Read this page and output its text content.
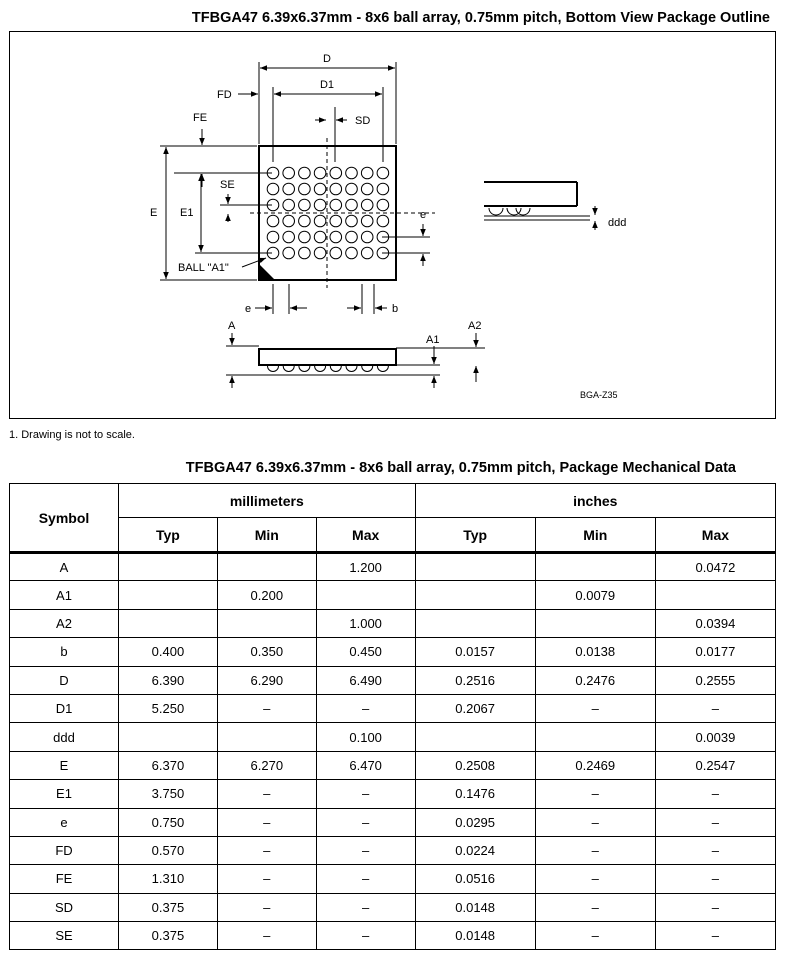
TFBGA47 6.39x6.37mm - 8x6 ball array, 0.75mm pitch, Bottom View Package Outline
D
D1
FD
SD
FE
SE
E E1	e
BALL "A1"
e	b
ddd
A
A1
A2
BGA-Z35
1. Drawing is not to scale.
TFBGA47 6.39x6.37mm - 8x6 ball array, 0.75mm pitch, Package Mechanical Data
Symbol	millimeters			inches		
	Typ	Min	Max	Typ	Min	Max
A			1.200			0.0472
A1		0.200			0.0079	
A2			1.000			0.0394
b	0.400	0.350	0.450	0.0157	0.0138	0.0177
D	6.390	6.290	6.490	0.2516	0.2476	0.2555
D1	5.250	–	–	0.2067	–	–
ddd			0.100			0.0039
E	6.370	6.270	6.470	0.2508	0.2469	0.2547
E1	3.750	–	–	0.1476	–	–
e	0.750	–	–	0.0295	–	–
FD	0.570	–	–	0.0224	–	–
FE	1.310	–	–	0.0516	–	–
SD	0.375	–	–	0.0148	–	–
SE	0.375	–	–	0.0148	–	–
